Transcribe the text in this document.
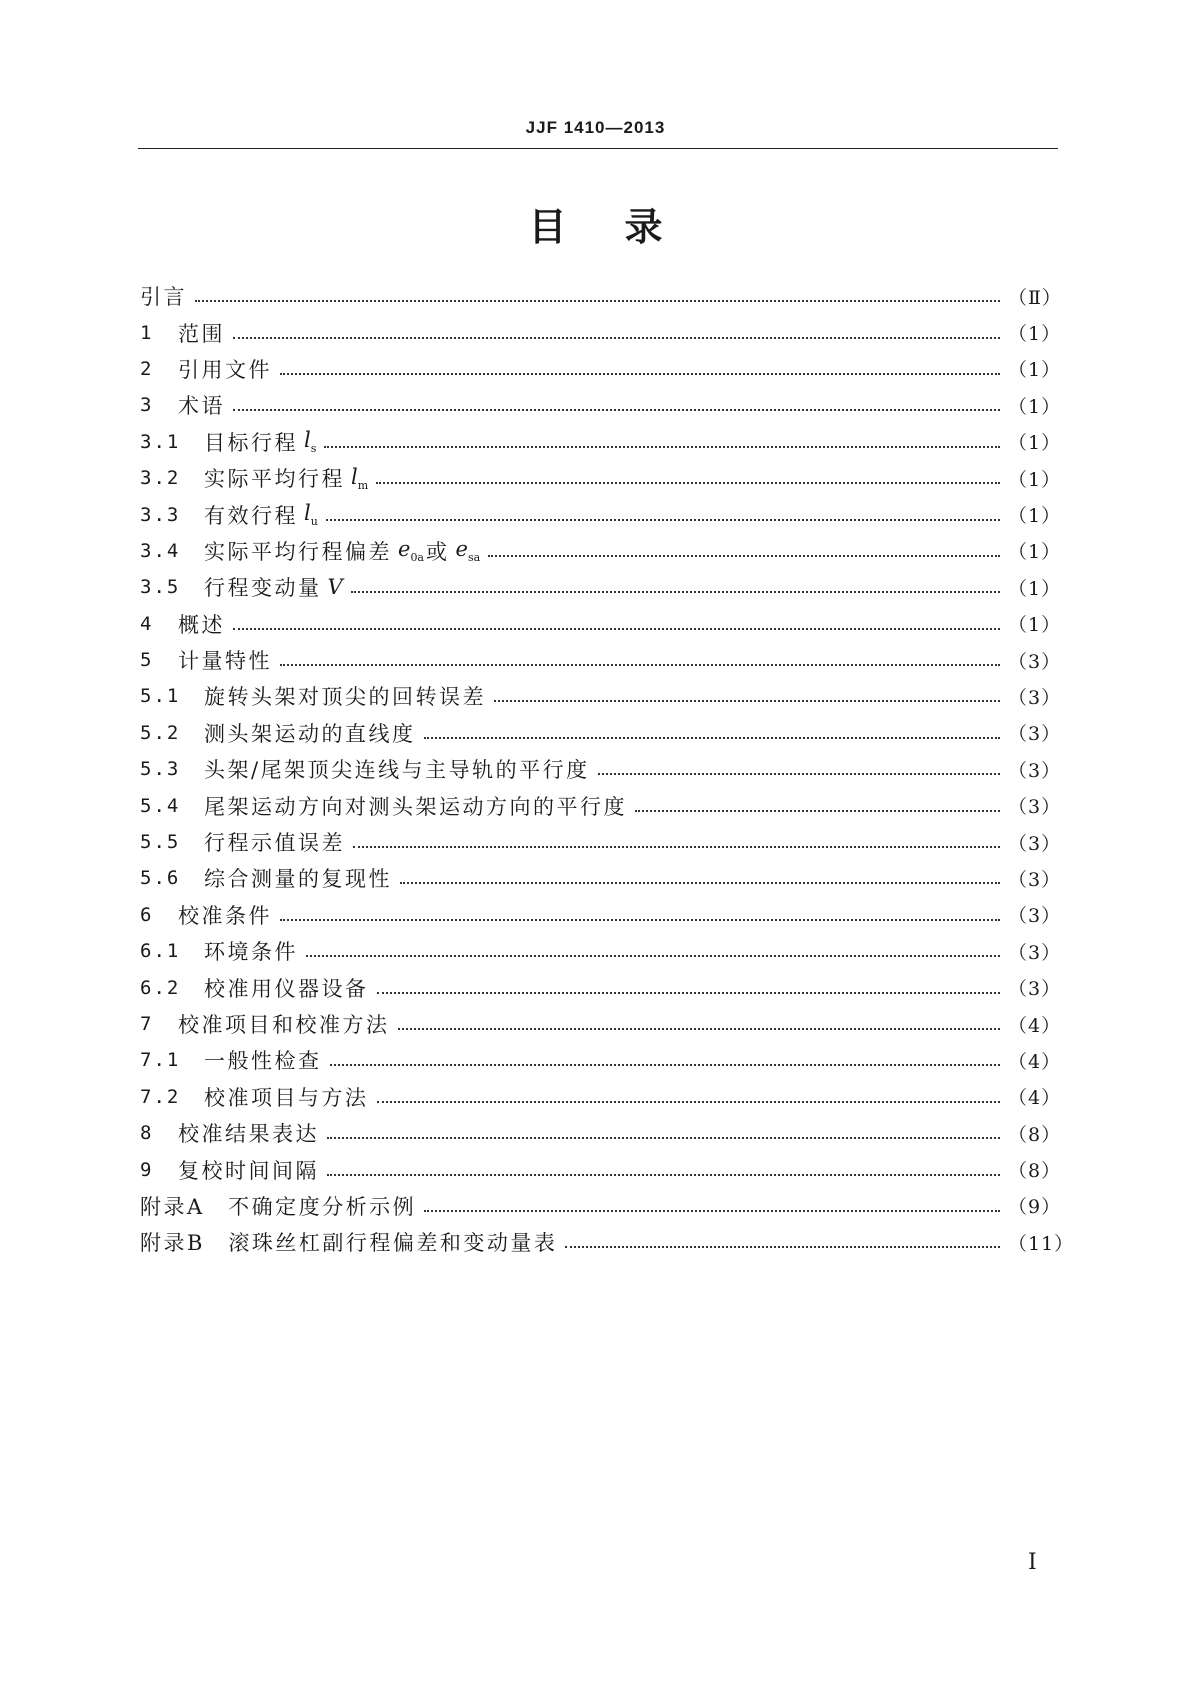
JJF 1410—2013
目录
引言	（Ⅱ）
1	范围	（1）
2	引用文件	（1）
3	术语	（1）
3.1	目标行程 $l_s$	（1）
3.2	实际平均行程 $l_m$	（1）
3.3	有效行程 $l_u$	（1）
3.4	实际平均行程偏差 $e_{0a}$ 或 $e_{sa}$	（1）
3.5	行程变动量 V	（1）
4	概述	（1）
5	计量特性	（3）
5.1	旋转头架对顶尖的回转误差	（3）
5.2	测头架运动的直线度	（3）
5.3	头架/尾架顶尖连线与主导轨的平行度	（3）
5.4	尾架运动方向对测头架运动方向的平行度	（3）
5.5	行程示值误差	（3）
5.6	综合测量的复现性	（3）
6	校准条件	（3）
6.1	环境条件	（3）
6.2	校准用仪器设备	（3）
7	校准项目和校准方法	（4）
7.1	一般性检查	（4）
7.2	校准项目与方法	（4）
8	校准结果表达	（8）
9	复校时间间隔	（8）
附录A　不确定度分析示例	（9）
附录B　滚珠丝杠副行程偏差和变动量表	（11）
Ⅰ
